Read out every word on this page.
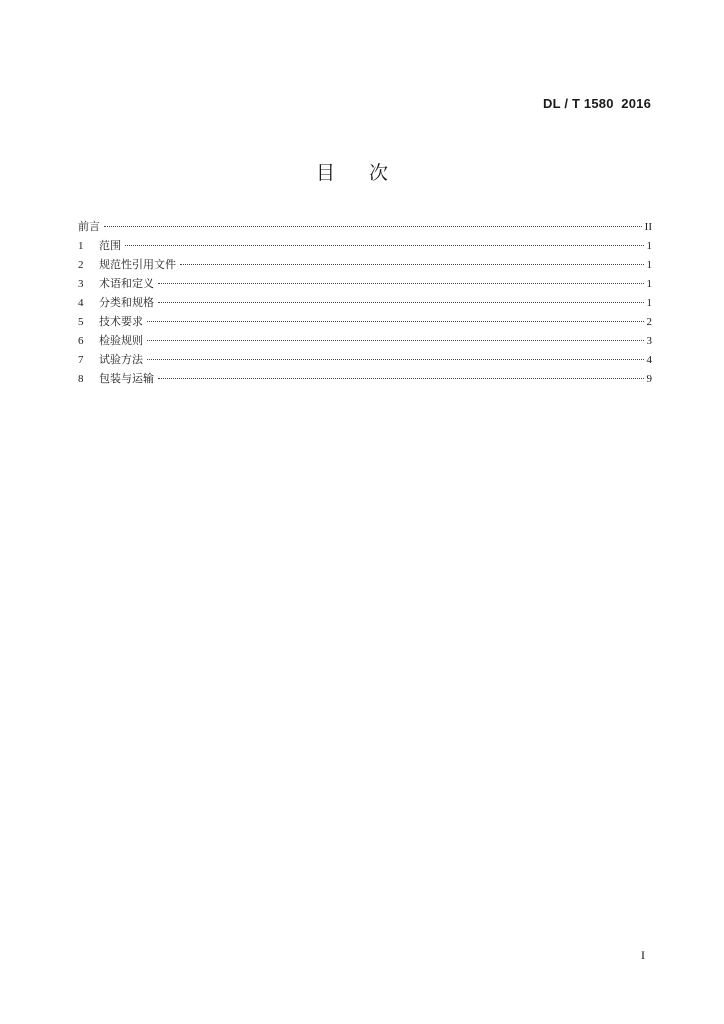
DL / T 1580  2016
目次
前言	II
1	范围	1
2	规范性引用文件	1
3	术语和定义	1
4	分类和规格	1
5	技术要求	2
6	检验规则	3
7	试验方法	4
8	包装与运输	9
I
